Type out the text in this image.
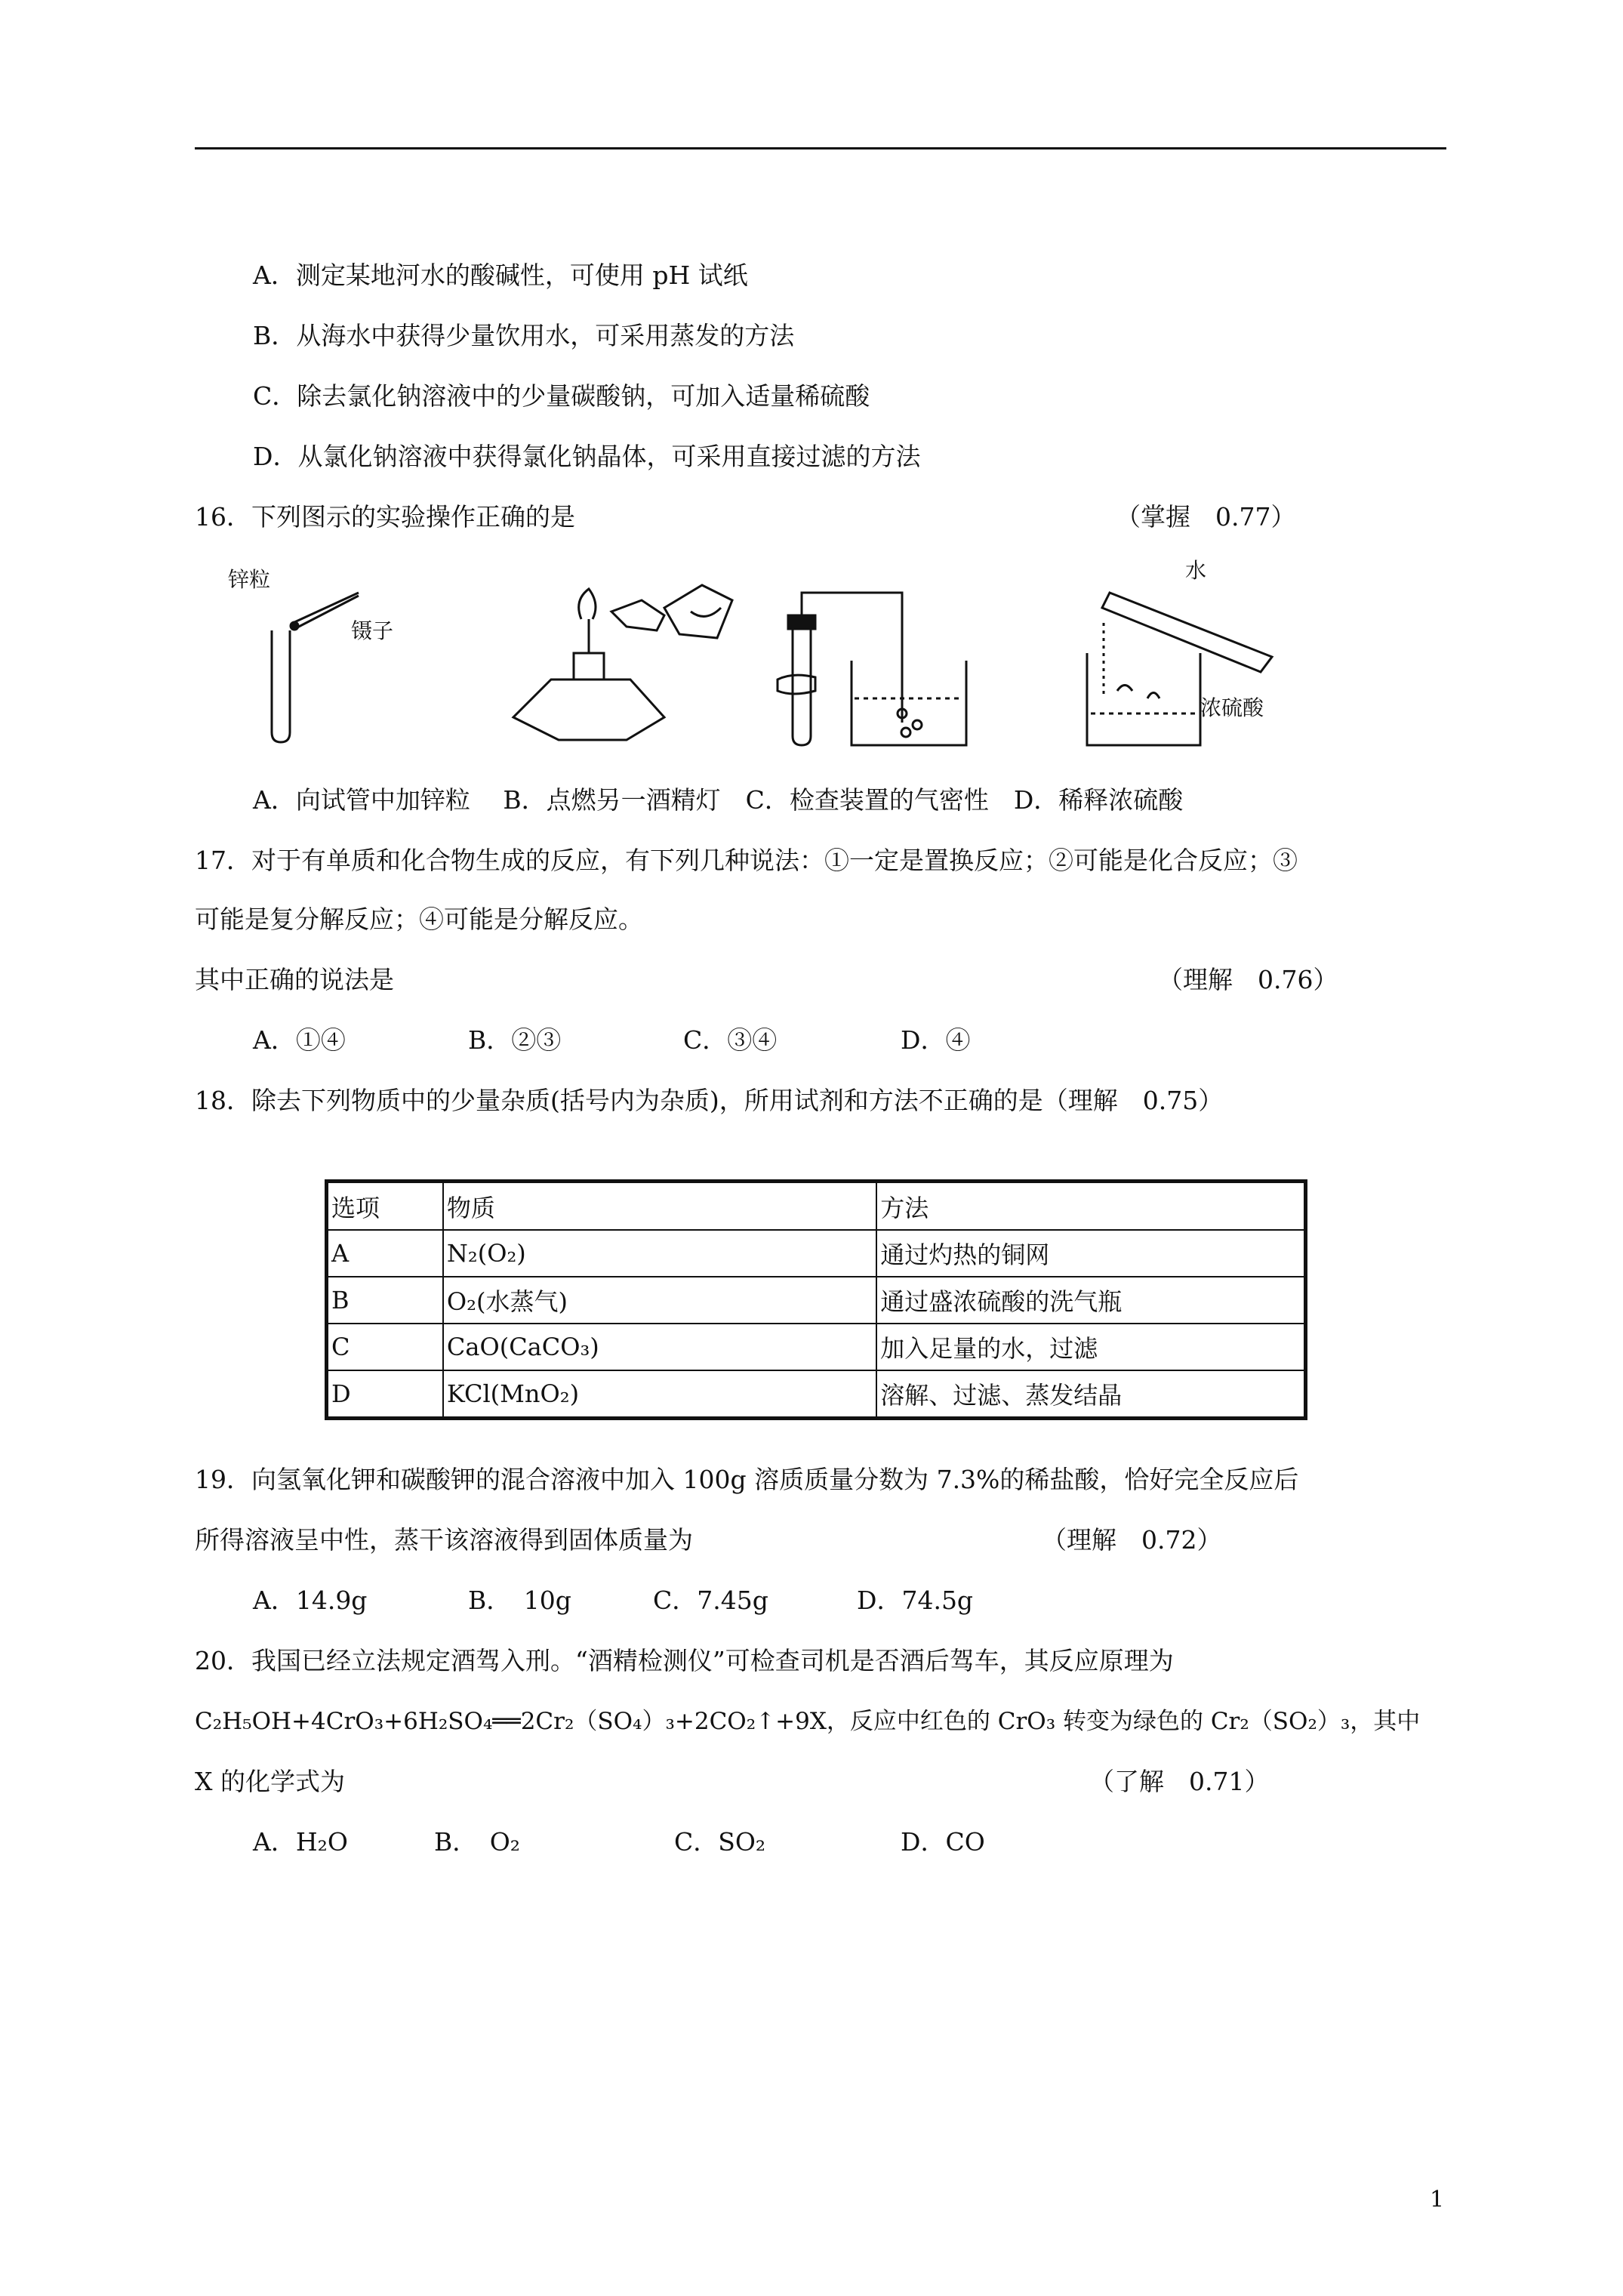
A．测定某地河水的酸碱性，可使用 pH 试纸
B．从海水中获得少量饮用水，可采用蒸发的方法
C．除去氯化钠溶液中的少量碳酸钠，可加入适量稀硫酸
D．从氯化钠溶液中获得氯化钠晶体，可采用直接过滤的方法
16．下列图示的实验操作正确的是	（掌握　0.77）
锌粒
镊子
水
浓硫酸
A．向试管中加锌粒　 B．点燃另一酒精灯　C．检查装置的气密性　D．稀释浓硫酸
17．对于有单质和化合物生成的反应，有下列几种说法：①一定是置换反应；②可能是化合反应；③
可能是复分解反应；④可能是分解反应。
其中正确的说法是	（理解　0.76）
A．①④	B．②③	C．③④	D．④
18．除去下列物质中的少量杂质(括号内为杂质)，所用试剂和方法不正确的是（理解　0.75）
选项	物质	方法
A	N₂(O₂)	通过灼热的铜网
B	O₂(水蒸气)	通过盛浓硫酸的洗气瓶
C	CaO(CaCO₃)	加入足量的水，过滤
D	KCl(MnO₂)	溶解、过滤、蒸发结晶
19．向氢氧化钾和碳酸钾的混合溶液中加入 100g 溶质质量分数为 7.3%的稀盐酸，恰好完全反应后
所得溶液呈中性，蒸干该溶液得到固体质量为	（理解　0.72）
A．14.9g	B．　10g	C．7.45g	D．74.5g
20．我国已经立法规定酒驾入刑。“酒精检测仪”可检查司机是否酒后驾车，其反应原理为
C₂H₅OH+4CrO₃+6H₂SO₄══2Cr₂（SO₄）₃+2CO₂↑+9X，反应中红色的 CrO₃ 转变为绿色的 Cr₂（SO₂）₃，其中
X 的化学式为	（了解　0.71）
A．H₂O	B．　O₂	C．SO₂	D．CO
1
